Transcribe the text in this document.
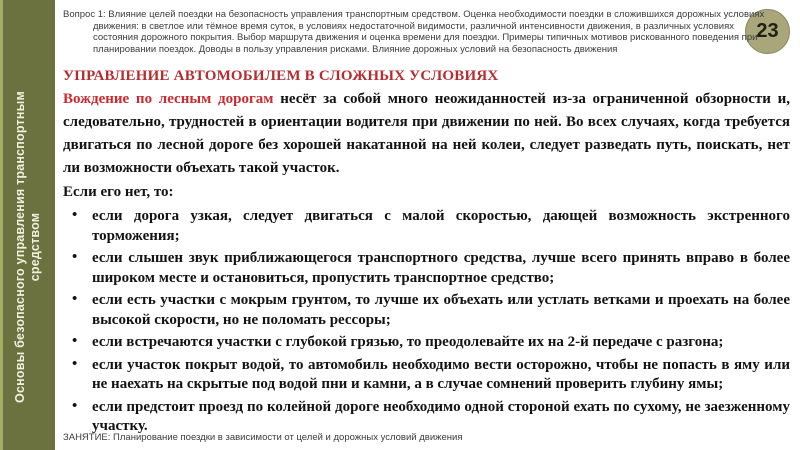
Основы безопасного управления транспортным средством
23

Вопрос 1: Влияние целей поездки на безопасность управления транспортным средством. Оценка необходимости поездки в сложившихся дорожных условиях движения: в светлое или тёмное время суток, в условиях недостаточной видимости, различной интенсивности движения, в различных условиях состояния дорожного покрытия. Выбор маршрута движения и оценка времени для поездки. Примеры типичных мотивов рискованного поведения при планировании поездок. Доводы в пользу управления рисками. Влияние дорожных условий на безопасность движения

УПРАВЛЕНИЕ АВТОМОБИЛЕМ В СЛОЖНЫХ УСЛОВИЯХ

Вождение по лесным дорогам несёт за собой много неожиданностей из-за ограниченной обзорности и, следовательно, трудностей в ориентации водителя при движении по ней. Во всех случаях, когда требуется двигаться по лесной дороге без хорошей накатанной на ней колеи, следует разведать путь, поискать, нет ли возможности объехать такой участок.

Если его нет, то:

• если дорога узкая, следует двигаться с малой скоростью, дающей возможность экстренного торможения;
• если слышен звук приближающегося транспортного средства, лучше всего принять вправо в более широком месте и остановиться, пропустить транспортное средство;
• если есть участки с мокрым грунтом, то лучше их объехать или устлать ветками и проехать на более высокой скорости, но не поломать рессоры;
• если встречаются участки с глубокой грязью, то преодолевайте их на 2-й передаче с разгона;
• если участок покрыт водой, то автомобиль необходимо вести осторожно, чтобы не попасть в яму или не наехать на скрытые под водой пни и камни, а в случае сомнений проверить глубину ямы;
• если предстоит проезд по колейной дороге необходимо одной стороной ехать по сухому, не заезженному участку.
ЗАНЯТИЕ: Планирование поездки в зависимости от целей и дорожных условий движения
